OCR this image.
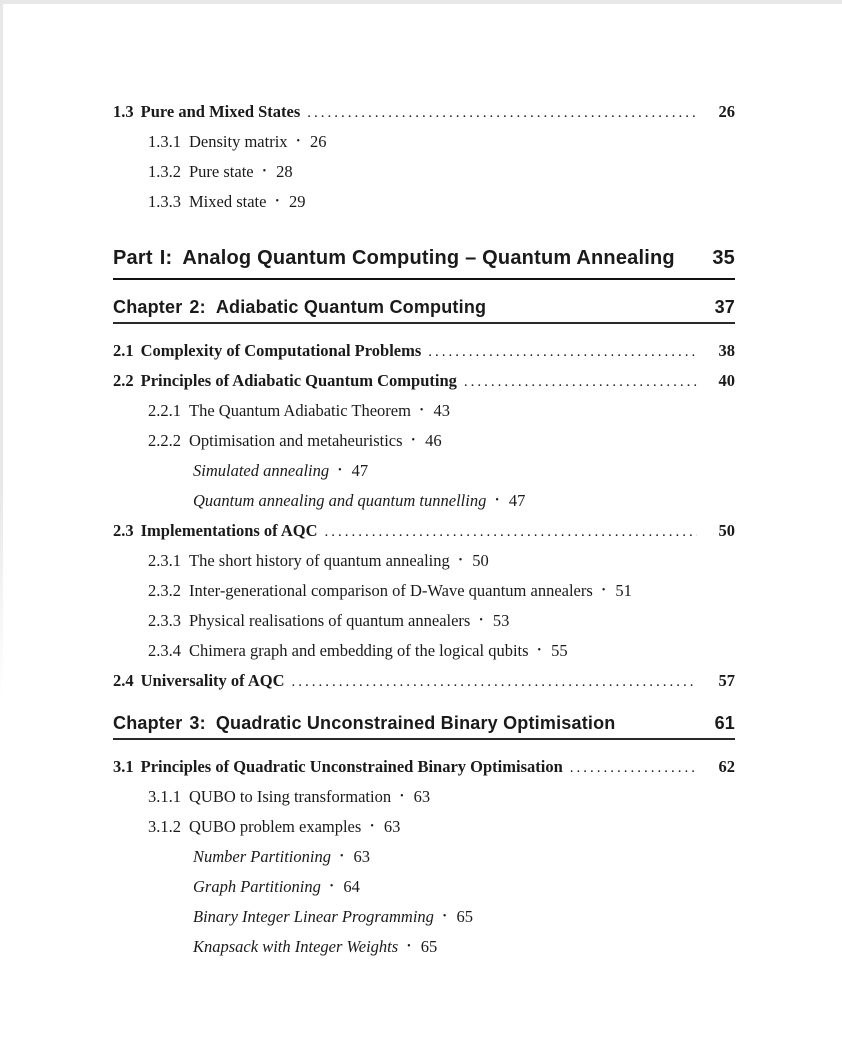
1.3 Pure and Mixed States .....	26
1.3.1 Density matrix • 26
1.3.2 Pure state • 28
1.3.3 Mixed state • 29
Part I: Analog Quantum Computing – Quantum Annealing	35
Chapter 2: Adiabatic Quantum Computing	37
2.1 Complexity of Computational Problems .....	38
2.2 Principles of Adiabatic Quantum Computing .....	40
2.2.1 The Quantum Adiabatic Theorem • 43
2.2.2 Optimisation and metaheuristics • 46
Simulated annealing • 47
Quantum annealing and quantum tunnelling • 47
2.3 Implementations of AQC .....	50
2.3.1 The short history of quantum annealing • 50
2.3.2 Inter-generational comparison of D-Wave quantum annealers • 51
2.3.3 Physical realisations of quantum annealers • 53
2.3.4 Chimera graph and embedding of the logical qubits • 55
2.4 Universality of AQC .....	57
Chapter 3: Quadratic Unconstrained Binary Optimisation	61
3.1 Principles of Quadratic Unconstrained Binary Optimisation .....	62
3.1.1 QUBO to Ising transformation • 63
3.1.2 QUBO problem examples • 63
Number Partitioning • 63
Graph Partitioning • 64
Binary Integer Linear Programming • 65
Knapsack with Integer Weights • 65
